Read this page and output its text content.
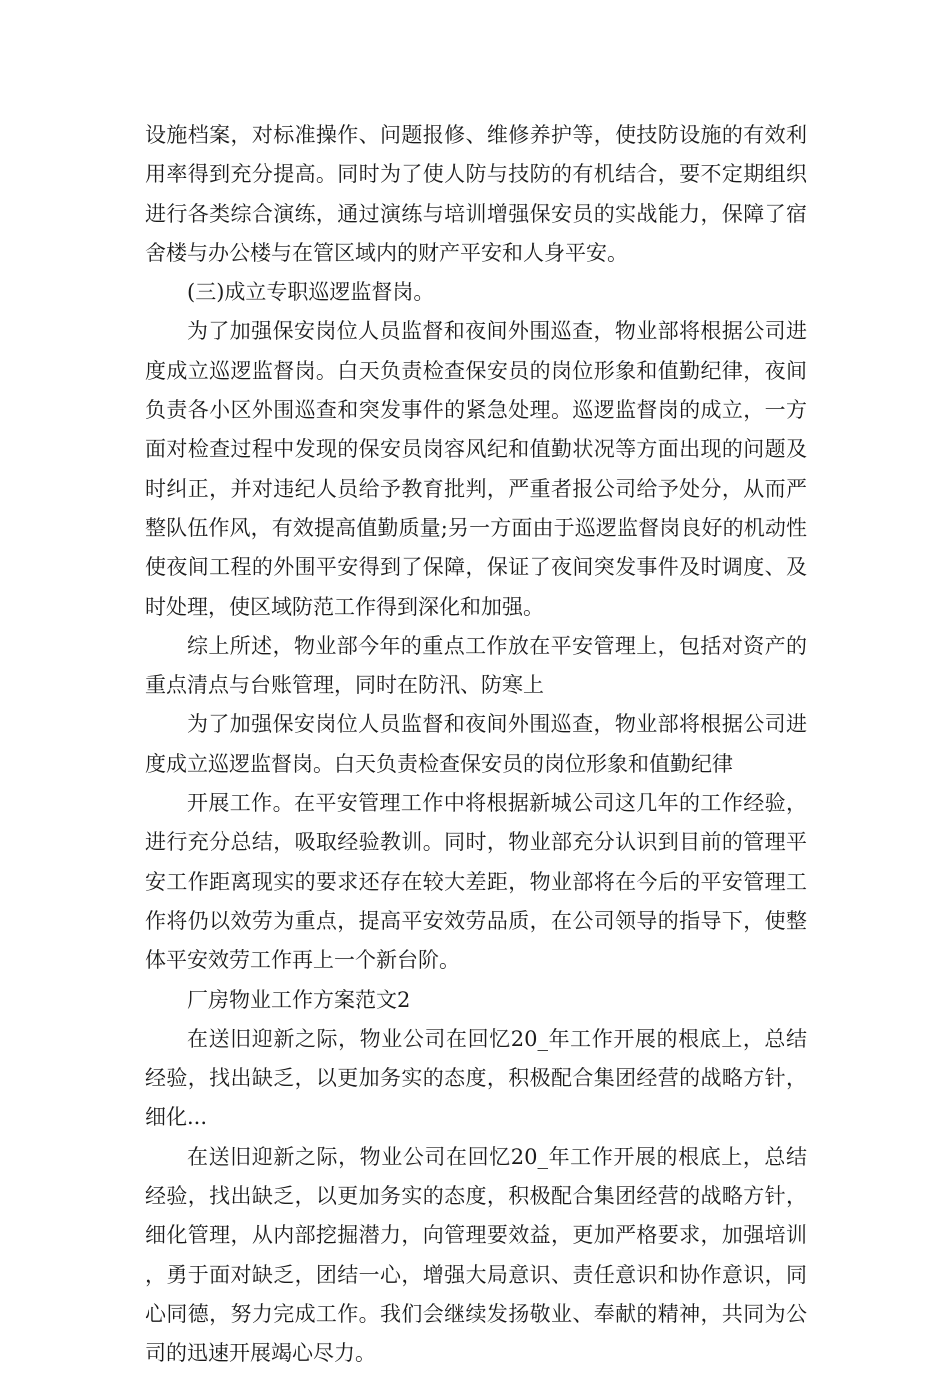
设施档案，对标准操作、问题报修、维修养护等，使技防设施的有效利用率得到充分提高。同时为了使人防与技防的有机结合，要不定期组织进行各类综合演练，通过演练与培训增强保安员的实战能力，保障了宿舍楼与办公楼与在管区域内的财产平安和人身平安。

(三)成立专职巡逻监督岗。

为了加强保安岗位人员监督和夜间外围巡查，物业部将根据公司进度成立巡逻监督岗。白天负责检查保安员的岗位形象和值勤纪律，夜间负责各小区外围巡查和突发事件的紧急处理。巡逻监督岗的成立，一方面对检查过程中发现的保安员岗容风纪和值勤状况等方面出现的问题及时纠正，并对违纪人员给予教育批判，严重者报公司给予处分，从而严整队伍作风，有效提高值勤质量;另一方面由于巡逻监督岗良好的机动性使夜间工程的外围平安得到了保障，保证了夜间突发事件及时调度、及时处理，使区域防范工作得到深化和加强。

综上所述，物业部今年的重点工作放在平安管理上，包括对资产的重点清点与台账管理，同时在防汛、防寒上

为了加强保安岗位人员监督和夜间外围巡查，物业部将根据公司进度成立巡逻监督岗。白天负责检查保安员的岗位形象和值勤纪律

开展工作。在平安管理工作中将根据新城公司这几年的工作经验，进行充分总结，吸取经验教训。同时，物业部充分认识到目前的管理平安工作距离现实的要求还存在较大差距，物业部将在今后的平安管理工作将仍以效劳为重点，提高平安效劳品质，在公司领导的指导下，使整体平安效劳工作再上一个新台阶。

厂房物业工作方案范文2

在送旧迎新之际，物业公司在回忆20_年工作开展的根底上，总结经验，找出缺乏，以更加务实的态度，积极配合集团经营的战略方针，细化...

在送旧迎新之际，物业公司在回忆20_年工作开展的根底上，总结经验，找出缺乏，以更加务实的态度，积极配合集团经营的战略方针，细化管理，从内部挖掘潜力，向管理要效益，更加严格要求，加强培训，勇于面对缺乏，团结一心，增强大局意识、责任意识和协作意识，同心同德，努力完成工作。我们会继续发扬敬业、奉献的精神，共同为公司的迅速开展竭心尽力。
